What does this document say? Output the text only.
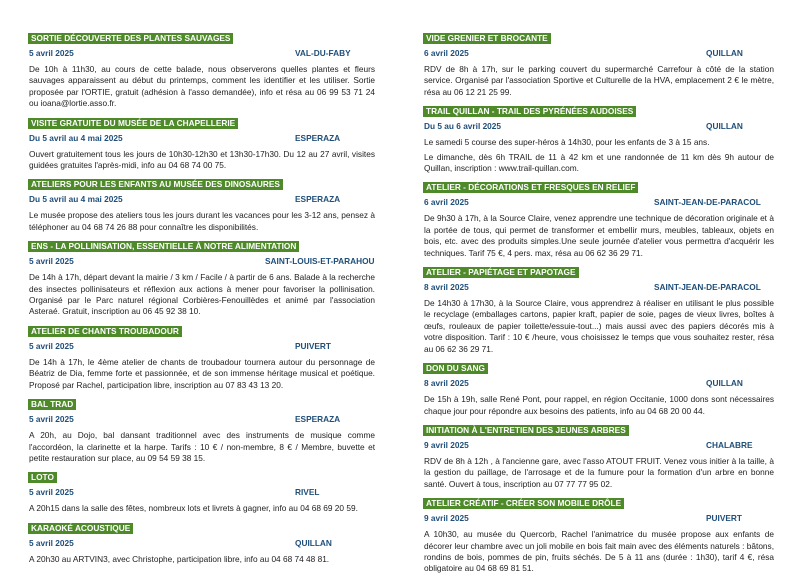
SORTIE DÉCOUVERTE DES PLANTES SAUVAGES
5 avril 2025	VAL-DU-FABY

De 10h à 11h30, au cours de cette balade, nous observerons quelles plantes et fleurs sauvages apparaissent au début du printemps, comment les identifier et les utiliser. Sortie proposée par l'ORTIE, gratuit (adhésion à l'asso demandée), info et résa au 06 99 53 71 24 ou ioana@lortie.asso.fr.

VISITE GRATUITE DU MUSÉE DE LA CHAPELLERIE
Du 5 avril au 4 mai 2025	ESPERAZA

Ouvert gratuitement tous les jours de 10h30-12h30 et 13h30-17h30. Du 12 au 27 avril, visites guidées gratuites l'après-midi, info au 04 68 74 00 75.

ATELIERS POUR LES ENFANTS AU MUSÉE DES DINOSAURES
Du 5 avril au 4 mai 2025	ESPERAZA

Le musée propose des ateliers tous les jours durant les vacances pour les 3-12 ans, pensez à téléphoner au 04 68 74 26 88 pour connaître les disponibilités.

ENS - LA POLLINISATION, ESSENTIELLE À NOTRE ALIMENTATION
5 avril 2025	SAINT-LOUIS-ET-PARAHOU

De 14h à 17h, départ devant la mairie / 3 km / Facile / à partir de 6 ans. Balade à la recherche des insectes pollinisateurs et réflexion aux actions à mener pour favoriser la pollinisation. Organisé par le Parc naturel régional Corbières-Fenouillèdes et animé par l'association Asteraé. Gratuit, inscription au 06 45 92 38 10.

ATELIER DE CHANTS TROUBADOUR
5 avril 2025	PUIVERT

De 14h à 17h, le 4ème atelier de chants de troubadour tournera autour du personnage de Béatriz de Dia, femme forte et passionnée, et de son immense héritage musical et poétique. Proposé par Rachel, participation libre, inscription au 07 83 43 13 20.

BAL TRAD
5 avril 2025	ESPERAZA

A 20h, au Dojo, bal dansant traditionnel avec des instruments de musique comme l'accordéon, la clarinette et la harpe. Tarifs : 10 € / non-membre, 8 € / Membre, buvette et petite restauration sur place, au 09 54 59 38 15.

LOTO
5 avril 2025	RIVEL

A 20h15 dans la salle des fêtes, nombreux lots et livrets à gagner, info au 04 68 69 20 59.

KARAOKÉ ACOUSTIQUE
5 avril 2025	QUILLAN

A 20h30 au ARTVIN3, avec Christophe, participation libre, info au 04 68 74 48 81.

VIDE GRENIER ET BROCANTE
6 avril 2025	QUILLAN

RDV de 8h à 17h, sur le parking couvert du supermarché Carrefour à côté de la station service. Organisé par l'association Sportive et Culturelle de la HVA, emplacement 2 € le mètre, résa au 06 12 21 25 99.

TRAIL QUILLAN - TRAIL DES PYRÉNÉES AUDOISES
Du 5 au 6 avril 2025	QUILLAN

Le samedi 5 course des super-héros à 14h30, pour les enfants de 3 à 15 ans.

Le dimanche, dès 6h TRAIL de 11 à 42 km et une randonnée de 11 km dès 9h autour de Quillan, inscription : www.trail-quillan.com.

ATELIER - DÉCORATIONS ET FRESQUES EN RELIEF
6 avril 2025	SAINT-JEAN-DE-PARACOL

De 9h30 à 17h, à la Source Claire, venez apprendre une technique de décoration originale et à la portée de tous, qui permet de transformer et embellir murs, meubles, tableaux, objets en bois, etc. avec des produits simples.Une seule journée d'atelier vous permettra d'acquérir les techniques. Tarif 75 €, 4 pers. max, résa au 06 62 36 29 71.

ATELIER - PAPIÉTAGE ET PAPOTAGE
8 avril 2025	SAINT-JEAN-DE-PARACOL

De 14h30 à 17h30, à la Source Claire, vous apprendrez à réaliser en utilisant le plus possible le recyclage (emballages cartons, papier kraft, papier de soie, pages de vieux livres, boîtes à œufs, rouleaux de papier toilette/essuie-tout...) mais aussi avec des papiers décorés mis à votre disposition. Tarif : 10 € /heure, vous choisissez le temps que vous souhaitez rester, résa au 06 62 36 29 71.

DON DU SANG
8 avril 2025	QUILLAN

De 15h à 19h, salle René Pont, pour rappel, en région Occitanie, 1000 dons sont nécessaires chaque jour pour répondre aux besoins des patients, info au 04 68 20 00 44.

INITIATION À L'ENTRETIEN DES JEUNES ARBRES
9 avril 2025	CHALABRE

RDV de 8h à 12h , à l'ancienne gare, avec l'asso ATOUT FRUIT. Venez vous initier à la taille, à la gestion du paillage, de l'arrosage et de la fumure pour la formation d'un arbre en bonne santé. Ouvert à tous, inscription au 07 77 77 95 02.

ATELIER CRÉATIF - CRÉER SON MOBILE DRÔLE
9 avril 2025	PUIVERT

A 10h30, au musée du Quercorb, Rachel l'animatrice du musée propose aux enfants de décorer leur chambre avec un joli mobile en bois fait main avec des éléments naturels : bâtons, rondins de bois, pommes de pin, fruits séchés. De 5 à 11 ans (durée : 1h30), tarif 4 €, résa obligatoire au 04 68 69 81 51.
